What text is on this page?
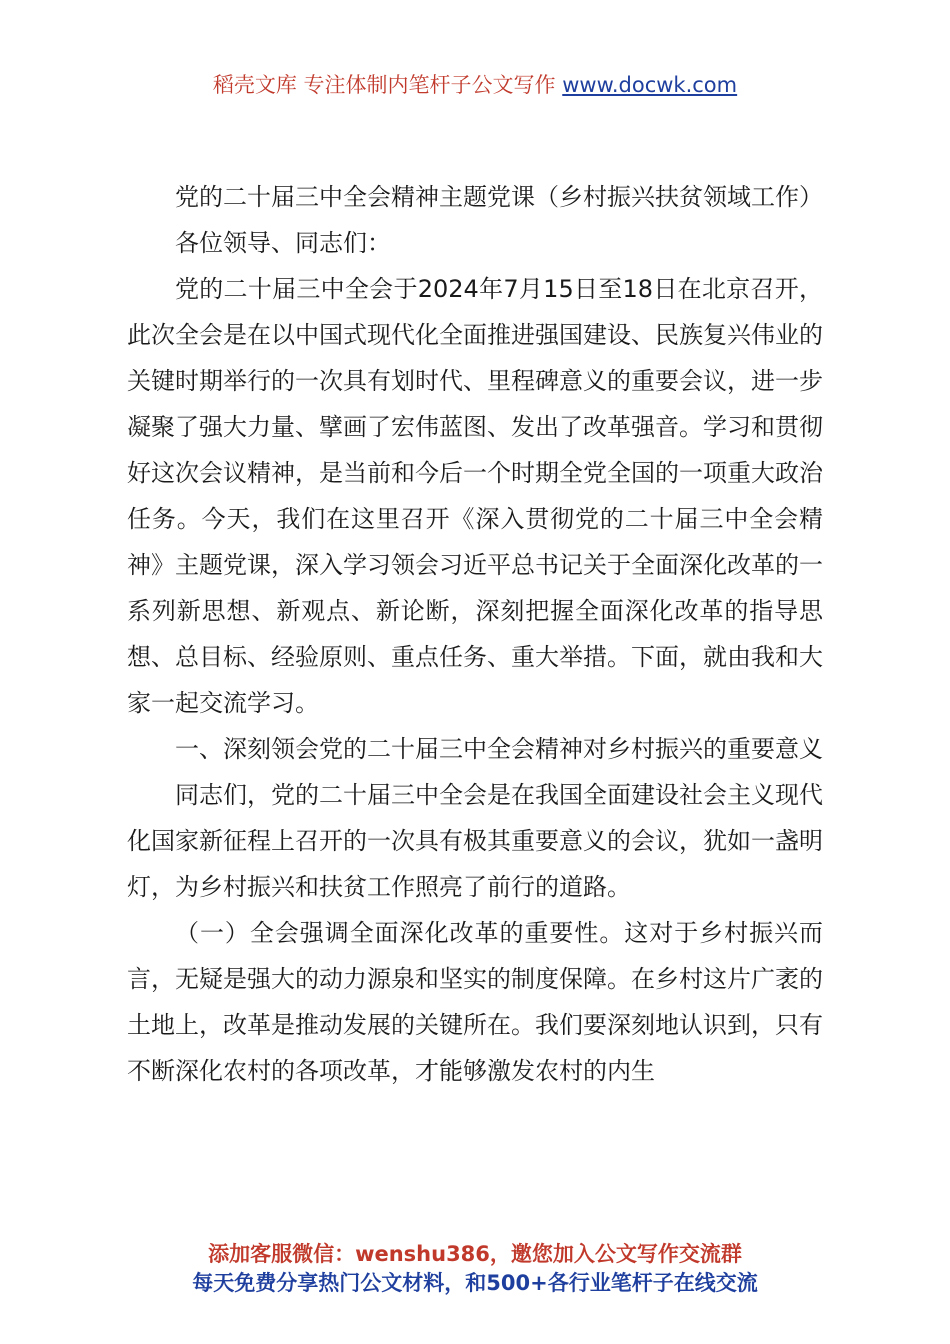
稻壳文库 专注体制内笔杆子公文写作 www.docwk.com

党的二十届三中全会精神主题党课（乡村振兴扶贫领域工作）

各位领导、同志们：

党的二十届三中全会于2024年7月15日至18日在北京召开，此次全会是在以中国式现代化全面推进强国建设、民族复兴伟业的关键时期举行的一次具有划时代、里程碑意义的重要会议，进一步凝聚了强大力量、擘画了宏伟蓝图、发出了改革强音。学习和贯彻好这次会议精神，是当前和今后一个时期全党全国的一项重大政治任务。今天，我们在这里召开《深入贯彻党的二十届三中全会精神》主题党课，深入学习领会习近平总书记关于全面深化改革的一系列新思想、新观点、新论断，深刻把握全面深化改革的指导思想、总目标、经验原则、重点任务、重大举措。下面，就由我和大家一起交流学习。

一、深刻领会党的二十届三中全会精神对乡村振兴的重要意义

同志们，党的二十届三中全会是在我国全面建设社会主义现代化国家新征程上召开的一次具有极其重要意义的会议，犹如一盏明灯，为乡村振兴和扶贫工作照亮了前行的道路。

（一）全会强调全面深化改革的重要性。这对于乡村振兴而言，无疑是强大的动力源泉和坚实的制度保障。在乡村这片广袤的土地上，改革是推动发展的关键所在。我们要深刻地认识到，只有不断深化农村的各项改革，才能够激发农村的内生

添加客服微信：wenshu386，邀您加入公文写作交流群
每天免费分享热门公文材料，和500+各行业笔杆子在线交流
